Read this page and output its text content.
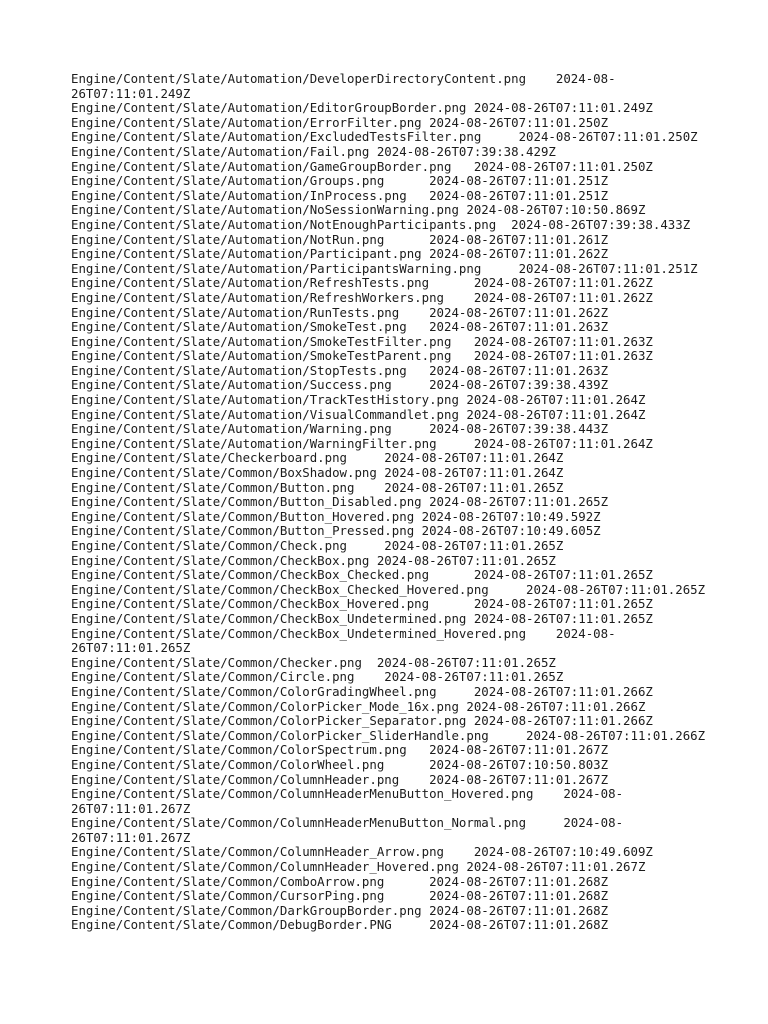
Engine/Content/Slate/Automation/DeveloperDirectoryContent.png    2024-08-26T07:11:01.249Z
Engine/Content/Slate/Automation/EditorGroupBorder.png 2024-08-26T07:11:01.249Z
Engine/Content/Slate/Automation/ErrorFilter.png 2024-08-26T07:11:01.250Z
Engine/Content/Slate/Automation/ExcludedTestsFilter.png     2024-08-26T07:11:01.250Z
Engine/Content/Slate/Automation/Fail.png 2024-08-26T07:39:38.429Z
Engine/Content/Slate/Automation/GameGroupBorder.png   2024-08-26T07:11:01.250Z
Engine/Content/Slate/Automation/Groups.png      2024-08-26T07:11:01.251Z
Engine/Content/Slate/Automation/InProcess.png   2024-08-26T07:11:01.251Z
Engine/Content/Slate/Automation/NoSessionWarning.png 2024-08-26T07:10:50.869Z
Engine/Content/Slate/Automation/NotEnoughParticipants.png  2024-08-26T07:39:38.433Z
Engine/Content/Slate/Automation/NotRun.png      2024-08-26T07:11:01.261Z
Engine/Content/Slate/Automation/Participant.png 2024-08-26T07:11:01.262Z
Engine/Content/Slate/Automation/ParticipantsWarning.png     2024-08-26T07:11:01.251Z
Engine/Content/Slate/Automation/RefreshTests.png      2024-08-26T07:11:01.262Z
Engine/Content/Slate/Automation/RefreshWorkers.png    2024-08-26T07:11:01.262Z
Engine/Content/Slate/Automation/RunTests.png    2024-08-26T07:11:01.262Z
Engine/Content/Slate/Automation/SmokeTest.png   2024-08-26T07:11:01.263Z
Engine/Content/Slate/Automation/SmokeTestFilter.png   2024-08-26T07:11:01.263Z
Engine/Content/Slate/Automation/SmokeTestParent.png   2024-08-26T07:11:01.263Z
Engine/Content/Slate/Automation/StopTests.png   2024-08-26T07:11:01.263Z
Engine/Content/Slate/Automation/Success.png     2024-08-26T07:39:38.439Z
Engine/Content/Slate/Automation/TrackTestHistory.png 2024-08-26T07:11:01.264Z
Engine/Content/Slate/Automation/VisualCommandlet.png 2024-08-26T07:11:01.264Z
Engine/Content/Slate/Automation/Warning.png     2024-08-26T07:39:38.443Z
Engine/Content/Slate/Automation/WarningFilter.png     2024-08-26T07:11:01.264Z
Engine/Content/Slate/Checkerboard.png     2024-08-26T07:11:01.264Z
Engine/Content/Slate/Common/BoxShadow.png 2024-08-26T07:11:01.264Z
Engine/Content/Slate/Common/Button.png    2024-08-26T07:11:01.265Z
Engine/Content/Slate/Common/Button_Disabled.png 2024-08-26T07:11:01.265Z
Engine/Content/Slate/Common/Button_Hovered.png 2024-08-26T07:10:49.592Z
Engine/Content/Slate/Common/Button_Pressed.png 2024-08-26T07:10:49.605Z
Engine/Content/Slate/Common/Check.png     2024-08-26T07:11:01.265Z
Engine/Content/Slate/Common/CheckBox.png 2024-08-26T07:11:01.265Z
Engine/Content/Slate/Common/CheckBox_Checked.png      2024-08-26T07:11:01.265Z
Engine/Content/Slate/Common/CheckBox_Checked_Hovered.png     2024-08-26T07:11:01.265Z
Engine/Content/Slate/Common/CheckBox_Hovered.png      2024-08-26T07:11:01.265Z
Engine/Content/Slate/Common/CheckBox_Undetermined.png 2024-08-26T07:11:01.265Z
Engine/Content/Slate/Common/CheckBox_Undetermined_Hovered.png    2024-08-26T07:11:01.265Z
Engine/Content/Slate/Common/Checker.png  2024-08-26T07:11:01.265Z
Engine/Content/Slate/Common/Circle.png    2024-08-26T07:11:01.265Z
Engine/Content/Slate/Common/ColorGradingWheel.png     2024-08-26T07:11:01.266Z
Engine/Content/Slate/Common/ColorPicker_Mode_16x.png 2024-08-26T07:11:01.266Z
Engine/Content/Slate/Common/ColorPicker_Separator.png 2024-08-26T07:11:01.266Z
Engine/Content/Slate/Common/ColorPicker_SliderHandle.png     2024-08-26T07:11:01.266Z
Engine/Content/Slate/Common/ColorSpectrum.png   2024-08-26T07:11:01.267Z
Engine/Content/Slate/Common/ColorWheel.png      2024-08-26T07:10:50.803Z
Engine/Content/Slate/Common/ColumnHeader.png    2024-08-26T07:11:01.267Z
Engine/Content/Slate/Common/ColumnHeaderMenuButton_Hovered.png    2024-08-26T07:11:01.267Z
Engine/Content/Slate/Common/ColumnHeaderMenuButton_Normal.png     2024-08-26T07:11:01.267Z
Engine/Content/Slate/Common/ColumnHeader_Arrow.png    2024-08-26T07:10:49.609Z
Engine/Content/Slate/Common/ColumnHeader_Hovered.png 2024-08-26T07:11:01.267Z
Engine/Content/Slate/Common/ComboArrow.png      2024-08-26T07:11:01.268Z
Engine/Content/Slate/Common/CursorPing.png      2024-08-26T07:11:01.268Z
Engine/Content/Slate/Common/DarkGroupBorder.png 2024-08-26T07:11:01.268Z
Engine/Content/Slate/Common/DebugBorder.PNG     2024-08-26T07:11:01.268Z
